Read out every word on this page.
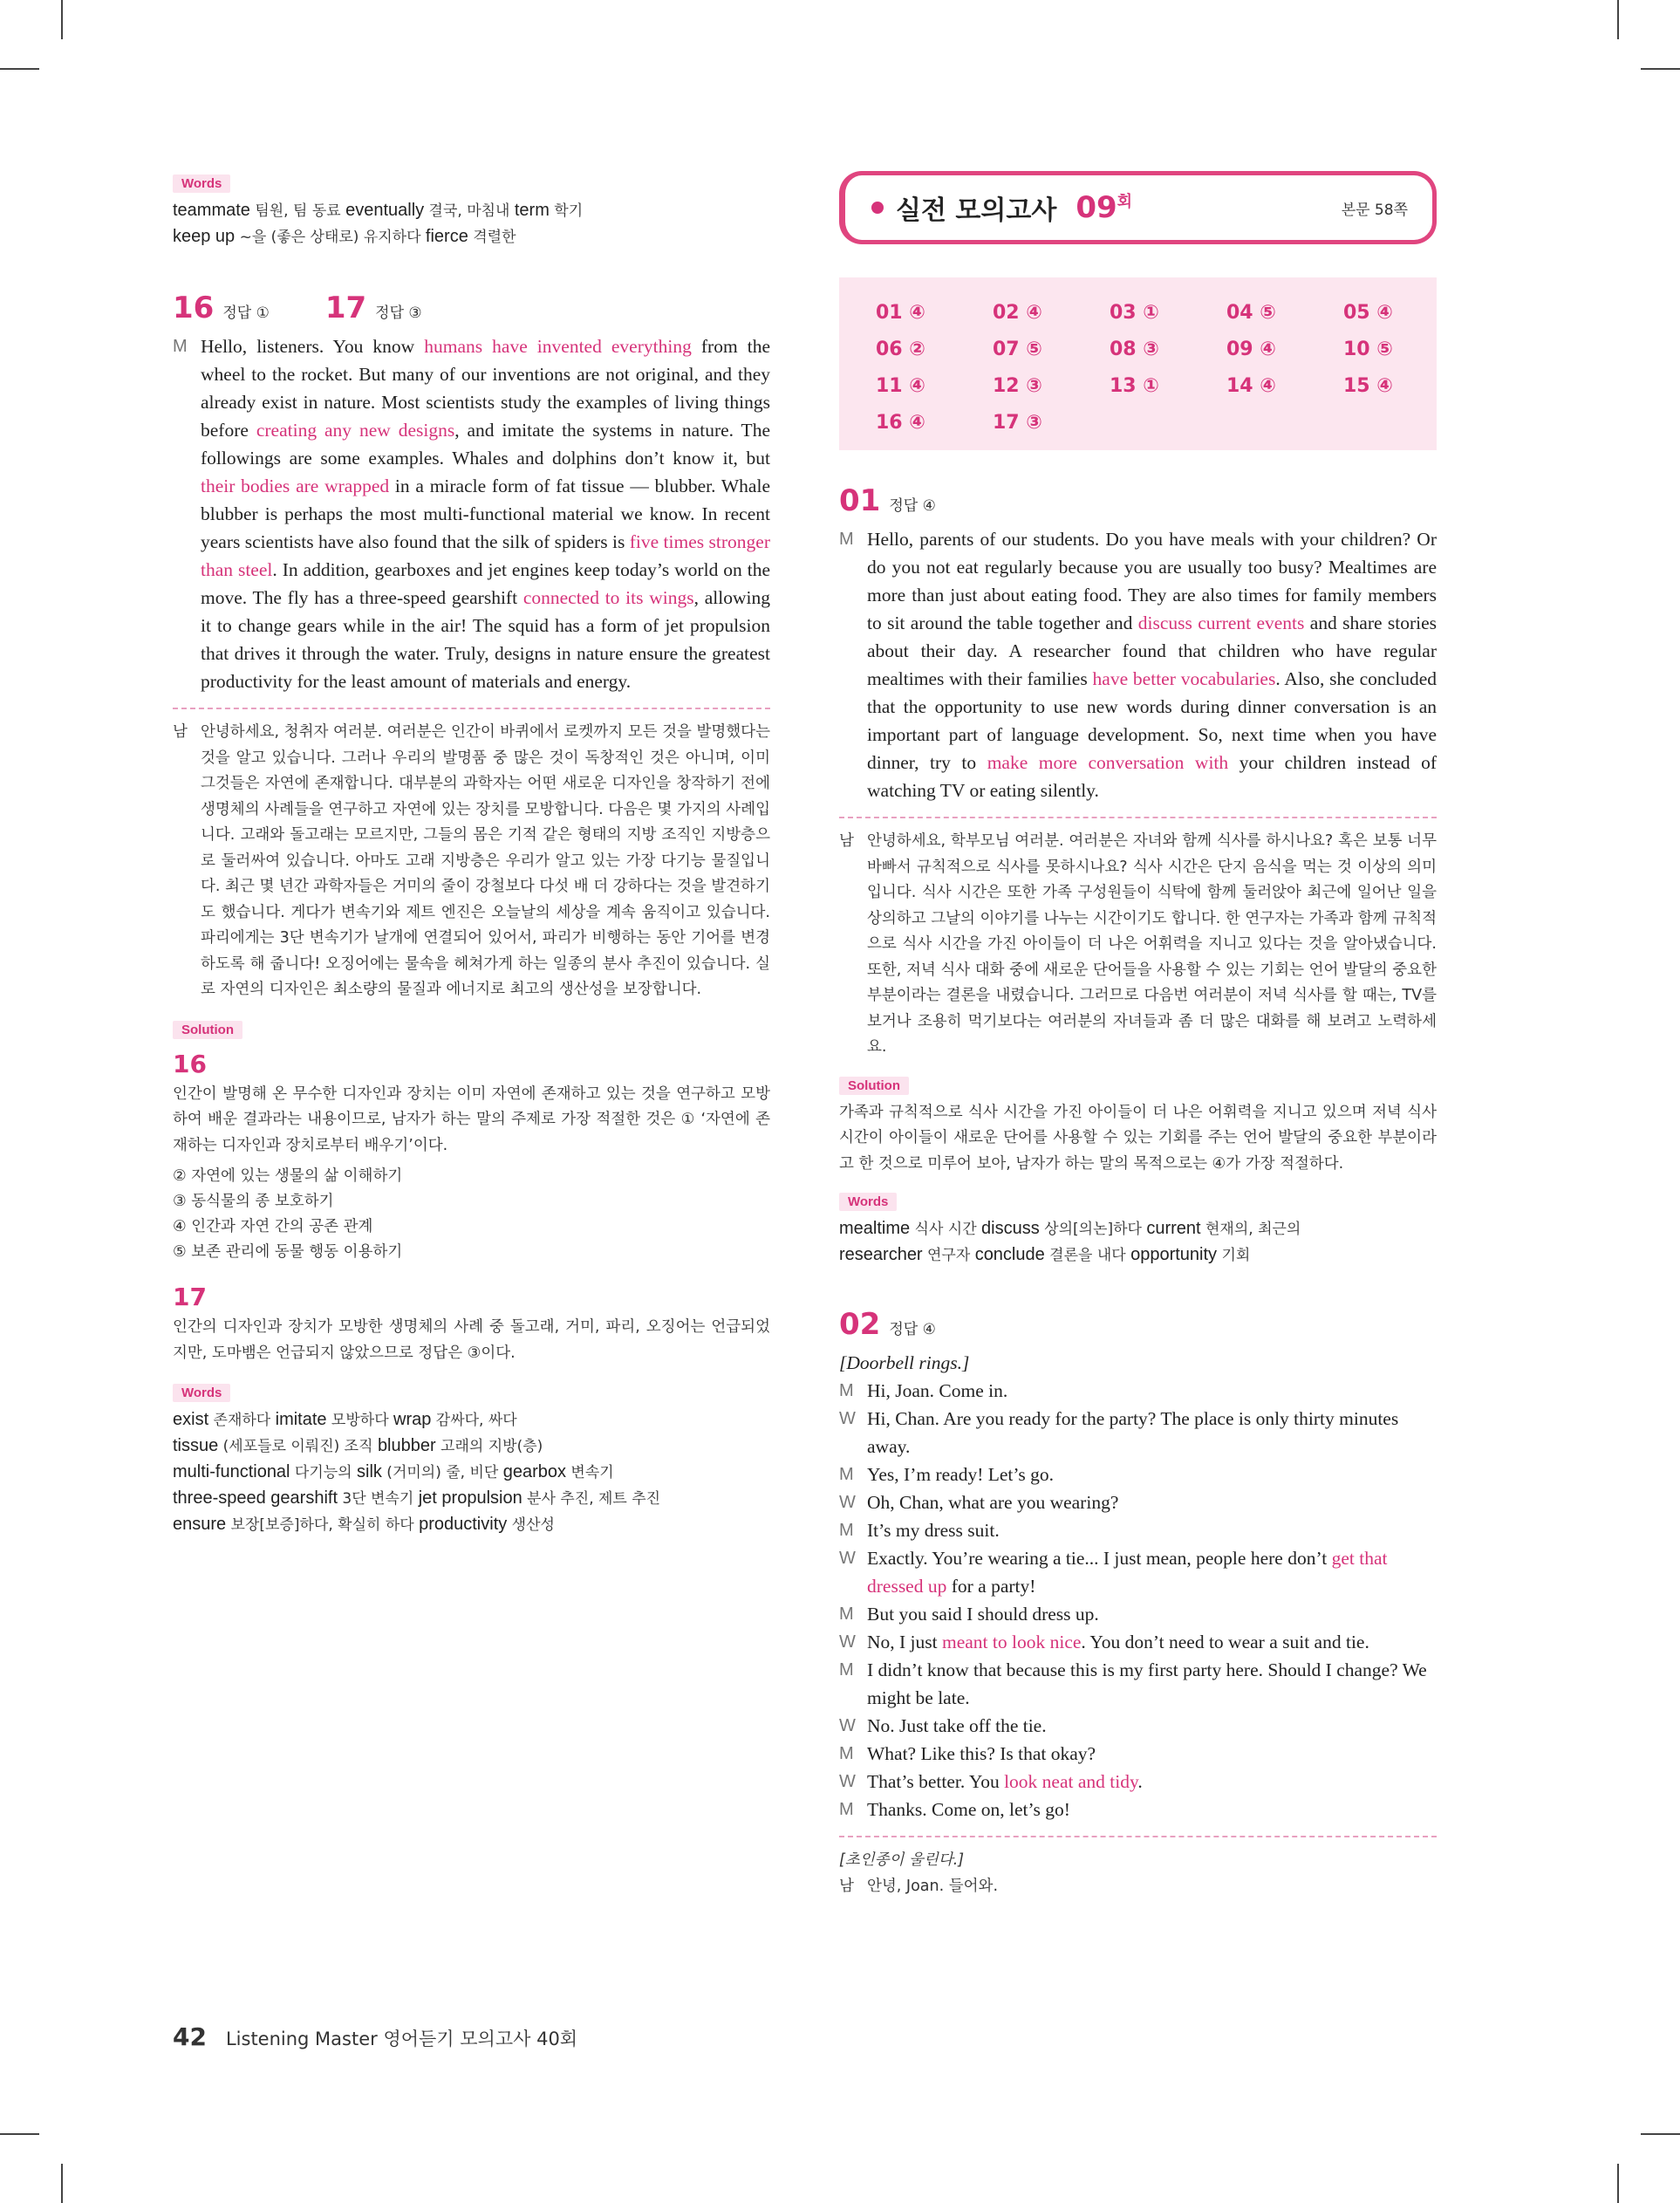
Words
teammate 팀원, 팀 동료 eventually 결국, 마침내 term 학기
keep up ~을 (좋은 상태로) 유지하다 fierce 격렬한
16 정답 ① 17 정답 ③
M Hello, listeners. You know humans have invented everything from the wheel to the rocket. But many of our inventions are not original, and they already exist in nature. Most scientists study the examples of living things before creating any new designs, and imitate the systems in nature. The followings are some examples. Whales and dolphins don’t know it, but their bodies are wrapped in a miracle form of fat tissue — blubber. Whale blubber is perhaps the most multi-functional material we know. In recent years scientists have also found that the silk of spiders is five times stronger than steel. In addition, gearboxes and jet engines keep today’s world on the move. The fly has a three-speed gearshift connected to its wings, allowing it to change gears while in the air! The squid has a form of jet propulsion that drives it through the water. Truly, designs in nature ensure the greatest productivity for the least amount of materials and energy.
남 안녕하세요, 청취자 여러분. 여러분은 인간이 바퀴에서 로켓까지 모든 것을 발명했다는 것을 알고 있습니다. 그러나 우리의 발명품 중 많은 것이 독창적인 것은 아니며, 이미 그것들은 자연에 존재합니다. 대부분의 과학자는 어떤 새로운 디자인을 창작하기 전에 생명체의 사례들을 연구하고 자연에 있는 장치를 모방합니다. 다음은 몇 가지의 사례입니다. 고래와 돌고래는 모르지만, 그들의 몸은 기적 같은 형태의 지방 조직인 지방층으로 둘러싸여 있습니다. 아마도 고래 지방층은 우리가 알고 있는 가장 다기능 물질입니다. 최근 몇 년간 과학자들은 거미의 줄이 강철보다 다섯 배 더 강하다는 것을 발견하기도 했습니다. 게다가 변속기와 제트 엔진은 오늘날의 세상을 계속 움직이고 있습니다. 파리에게는 3단 변속기가 날개에 연결되어 있어서, 파리가 비행하는 동안 기어를 변경하도록 해 줍니다! 오징어에는 물속을 헤쳐가게 하는 일종의 분사 추진이 있습니다. 실로 자연의 디자인은 최소량의 물질과 에너지로 최고의 생산성을 보장합니다.
Solution
16
인간이 발명해 온 무수한 디자인과 장치는 이미 자연에 존재하고 있는 것을 연구하고 모방하여 배운 결과라는 내용이므로, 남자가 하는 말의 주제로 가장 적절한 것은 ① ‘자연에 존재하는 디자인과 장치로부터 배우기’이다.
② 자연에 있는 생물의 삶 이해하기
③ 동식물의 종 보호하기
④ 인간과 자연 간의 공존 관계
⑤ 보존 관리에 동물 행동 이용하기
17
인간의 디자인과 장치가 모방한 생명체의 사례 중 돌고래, 거미, 파리, 오징어는 언급되었지만, 도마뱀은 언급되지 않았으므로 정답은 ③이다.
Words
exist 존재하다 imitate 모방하다 wrap 감싸다, 싸다
tissue (세포들로 이뤄진) 조직 blubber 고래의 지방(층)
multi-functional 다기능의 silk (거미의) 줄, 비단 gearbox 변속기
three-speed gearshift 3단 변속기 jet propulsion 분사 추진, 제트 추진
ensure 보장[보증]하다, 확실히 하다 productivity 생산성
실전 모의고사 09 회	본문 58쪽
01 ④	02 ④	03 ①	04 ⑤	05 ④
06 ②	07 ⑤	08 ③	09 ④	10 ⑤
11 ④	12 ③	13 ①	14 ④	15 ④
16 ④	17 ③
01 정답 ④
M Hello, parents of our students. Do you have meals with your children? Or do you not eat regularly because you are usually too busy? Mealtimes are more than just about eating food. They are also times for family members to sit around the table together and discuss current events and share stories about their day. A researcher found that children who have regular mealtimes with their families have better vocabularies. Also, she concluded that the opportunity to use new words during dinner conversation is an important part of language development. So, next time when you have dinner, try to make more conversation with your children instead of watching TV or eating silently.
남 안녕하세요, 학부모님 여러분. 여러분은 자녀와 함께 식사를 하시나요? 혹은 보통 너무 바빠서 규칙적으로 식사를 못하시나요? 식사 시간은 단지 음식을 먹는 것 이상의 의미입니다. 식사 시간은 또한 가족 구성원들이 식탁에 함께 둘러앉아 최근에 일어난 일을 상의하고 그날의 이야기를 나누는 시간이기도 합니다. 한 연구자는 가족과 함께 규칙적으로 식사 시간을 가진 아이들이 더 나은 어휘력을 지니고 있다는 것을 알아냈습니다. 또한, 저녁 식사 대화 중에 새로운 단어들을 사용할 수 있는 기회는 언어 발달의 중요한 부분이라는 결론을 내렸습니다. 그러므로 다음번 여러분이 저녁 식사를 할 때는, TV를 보거나 조용히 먹기보다는 여러분의 자녀들과 좀 더 많은 대화를 해 보려고 노력하세요.
Solution
가족과 규칙적으로 식사 시간을 가진 아이들이 더 나은 어휘력을 지니고 있으며 저녁 식사 시간이 아이들이 새로운 단어를 사용할 수 있는 기회를 주는 언어 발달의 중요한 부분이라고 한 것으로 미루어 보아, 남자가 하는 말의 목적으로는 ④가 가장 적절하다.
Words
mealtime 식사 시간 discuss 상의[의논]하다 current 현재의, 최근의
researcher 연구자 conclude 결론을 내다 opportunity 기회
02 정답 ④
[Doorbell rings.]
M Hi, Joan. Come in.
W Hi, Chan. Are you ready for the party? The place is only thirty minutes away.
M Yes, I’m ready! Let’s go.
W Oh, Chan, what are you wearing?
M It’s my dress suit.
W Exactly. You’re wearing a tie... I just mean, people here don’t get that dressed up for a party!
M But you said I should dress up.
W No, I just meant to look nice. You don’t need to wear a suit and tie.
M I didn’t know that because this is my first party here. Should I change? We might be late.
W No. Just take off the tie.
M What? Like this? Is that okay?
W That’s better. You look neat and tidy.
M Thanks. Come on, let’s go!
[초인종이 울린다.]
남 안녕, Joan. 들어와.
42 Listening Master 영어듣기 모의고사 40회
